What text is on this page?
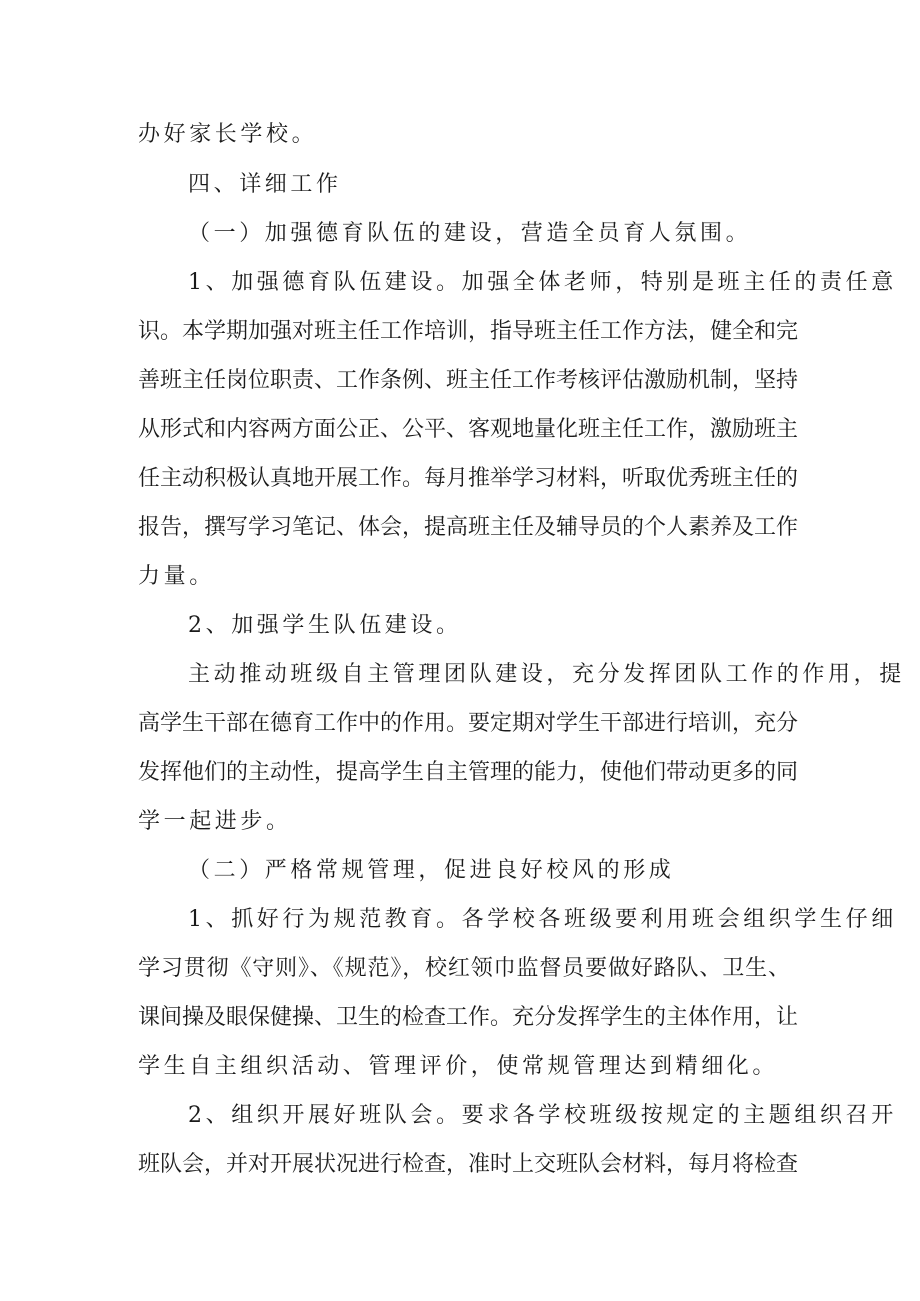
办好家长学校。
四、详细工作
（一）加强德育队伍的建设，营造全员育人氛围。
1、加强德育队伍建设。加强全体老师，特别是班主任的责任意
识。本学期加强对班主任工作培训，指导班主任工作方法，健全和完
善班主任岗位职责、工作条例、班主任工作考核评估激励机制，坚持
从形式和内容两方面公正、公平、客观地量化班主任工作，激励班主
任主动积极认真地开展工作。每月推举学习材料，听取优秀班主任的
报告，撰写学习笔记、体会，提高班主任及辅导员的个人素养及工作
力量。
2、加强学生队伍建设。
主动推动班级自主管理团队建设，充分发挥团队工作的作用，提
高学生干部在德育工作中的作用。要定期对学生干部进行培训，充分
发挥他们的主动性，提高学生自主管理的能力，使他们带动更多的同
学一起进步。
（二）严格常规管理，促进良好校风的形成
1、抓好行为规范教育。各学校各班级要利用班会组织学生仔细
学习贯彻《守则》、《规范》，校红领巾监督员要做好路队、卫生、
课间操及眼保健操、卫生的检查工作。充分发挥学生的主体作用，让
学生自主组织活动、管理评价，使常规管理达到精细化。
2、组织开展好班队会。要求各学校班级按规定的主题组织召开
班队会，并对开展状况进行检查，准时上交班队会材料，每月将检查
